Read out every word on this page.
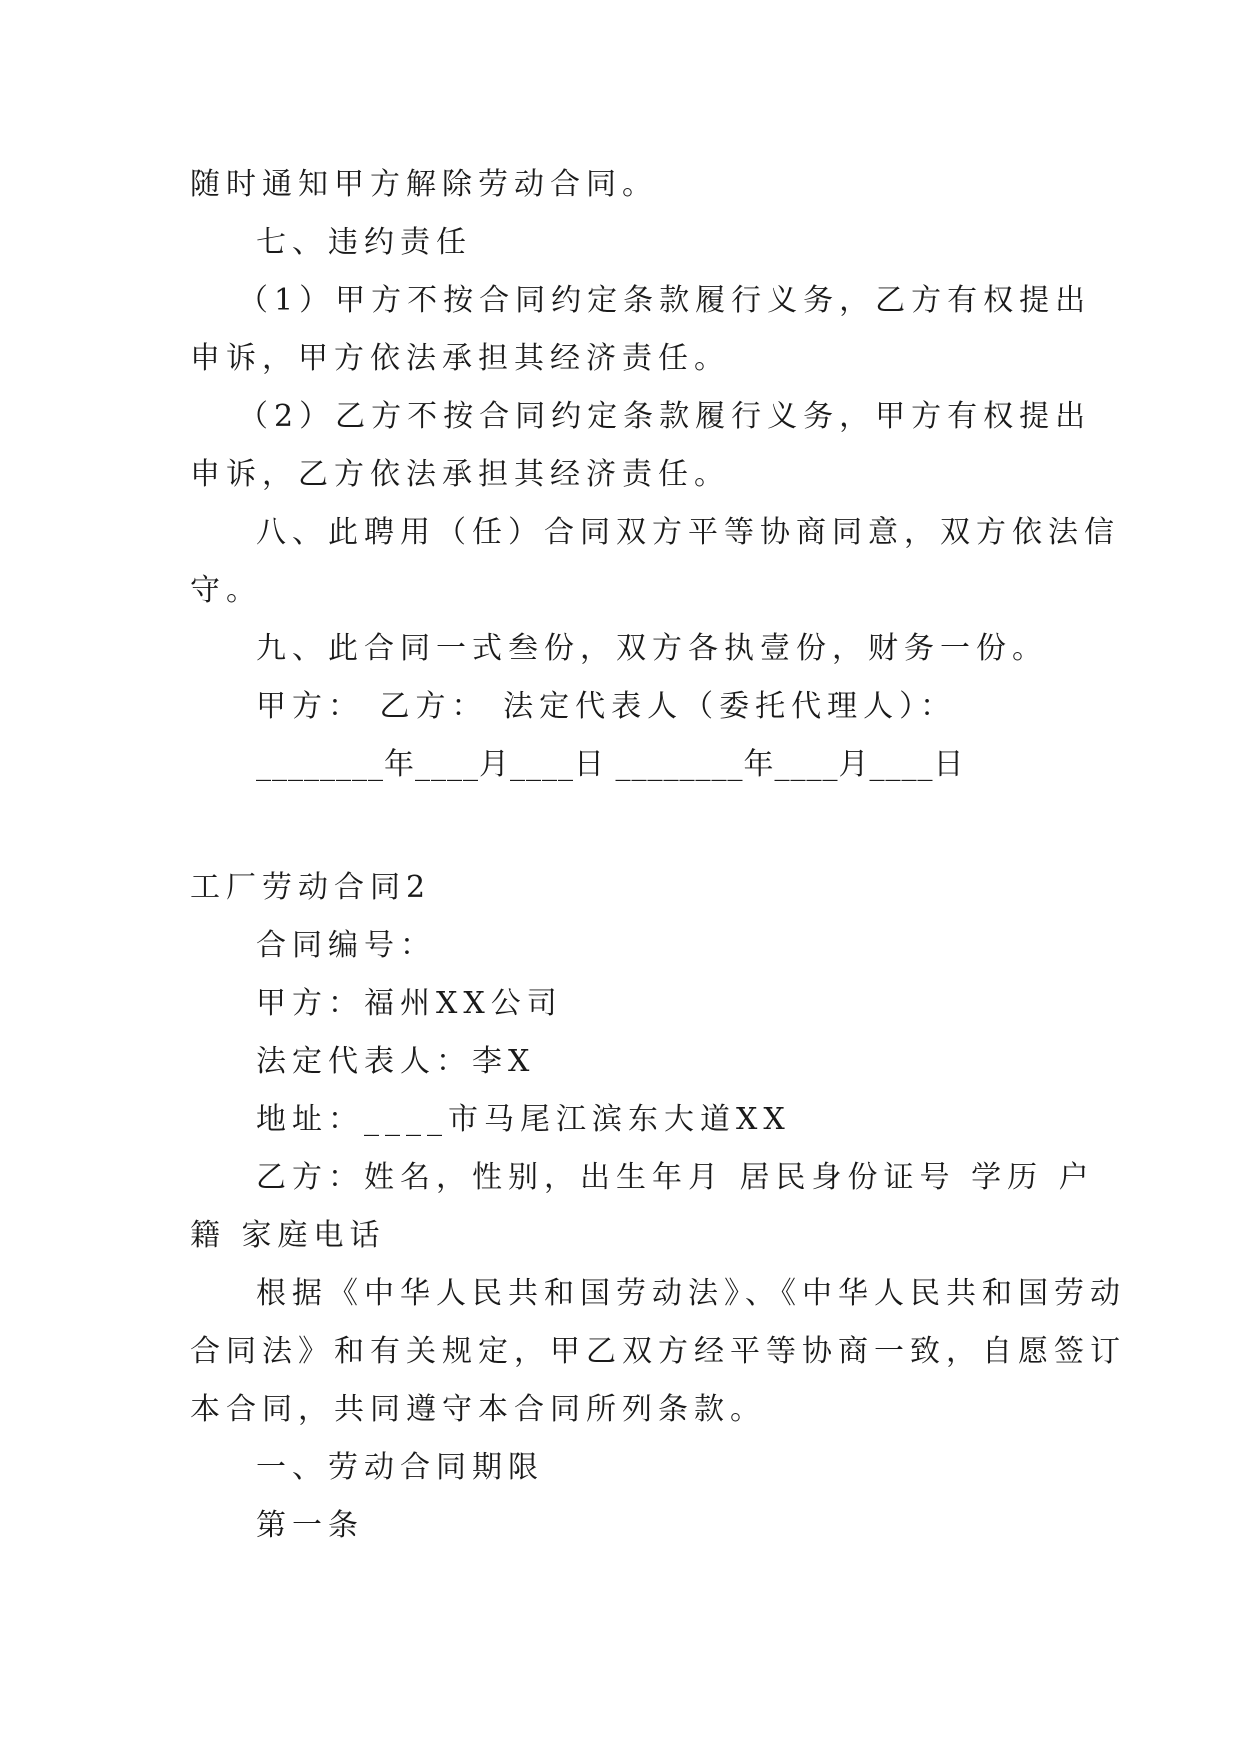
随时通知甲方解除劳动合同。
七、违约责任
（1）甲方不按合同约定条款履行义务，乙方有权提出
申诉，甲方依法承担其经济责任。
（2）乙方不按合同约定条款履行义务，甲方有权提出
申诉，乙方依法承担其经济责任。
八、此聘用（任）合同双方平等协商同意，双方依法信
守。
九、此合同一式叁份，双方各执壹份，财务一份。
甲方： 乙方： 法定代表人（委托代理人）：
________年____月____日 ________年____月____日
工厂劳动合同2
合同编号：
甲方：福州XX公司
法定代表人：李X
地址：____市马尾江滨东大道XX
乙方：姓名，性别，出生年月 居民身份证号 学历 户
籍 家庭电话
根据《中华人民共和国劳动法》、《中华人民共和国劳动
合同法》和有关规定，甲乙双方经平等协商一致，自愿签订
本合同，共同遵守本合同所列条款。
一、劳动合同期限
第一条
